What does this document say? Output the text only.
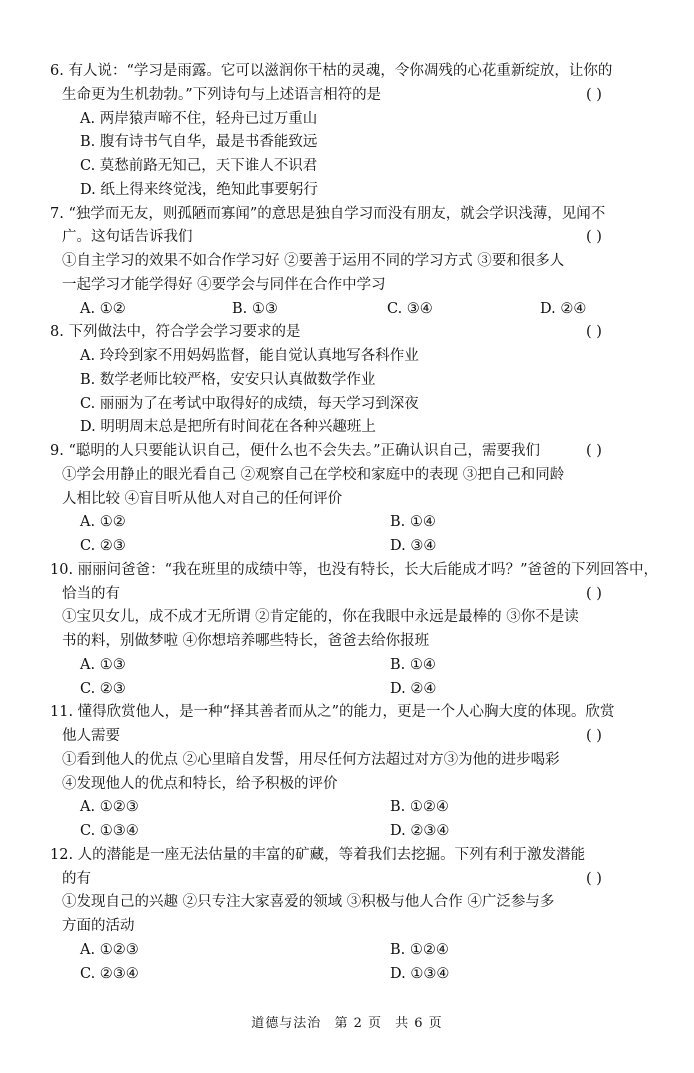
6. 有人说：“学习是雨露。它可以滋润你干枯的灵魂，令你凋残的心花重新绽放，让你的
生命更为生机勃勃。”下列诗句与上述语言相符的是	( )
A. 两岸猿声啼不住，轻舟已过万重山
B. 腹有诗书气自华，最是书香能致远
C. 莫愁前路无知己，天下谁人不识君
D. 纸上得来终觉浅，绝知此事要躬行
7. “独学而无友，则孤陋而寡闻”的意思是独自学习而没有朋友，就会学识浅薄，见闻不
广。这句话告诉我们	( )
①自主学习的效果不如合作学习好 ②要善于运用不同的学习方式 ③要和很多人
一起学习才能学得好 ④要学会与同伴在合作中学习
A. ①②	B. ①③	C. ③④	D. ②④
8. 下列做法中，符合学会学习要求的是	( )
A. 玲玲到家不用妈妈监督，能自觉认真地写各科作业
B. 数学老师比较严格，安安只认真做数学作业
C. 丽丽为了在考试中取得好的成绩，每天学习到深夜
D. 明明周末总是把所有时间花在各种兴趣班上
9. “聪明的人只要能认识自己，便什么也不会失去。”正确认识自己，需要我们	( )
①学会用静止的眼光看自己 ②观察自己在学校和家庭中的表现 ③把自己和同龄
人相比较 ④盲目听从他人对自己的任何评价
A. ①②	B. ①④
C. ②③	D. ③④
10. 丽丽问爸爸：“我在班里的成绩中等，也没有特长，长大后能成才吗？”爸爸的下列回答中，
恰当的有	( )
①宝贝女儿，成不成才无所谓 ②肯定能的，你在我眼中永远是最棒的 ③你不是读
书的料，别做梦啦 ④你想培养哪些特长，爸爸去给你报班
A. ①③	B. ①④
C. ②③	D. ②④
11. 懂得欣赏他人，是一种“择其善者而从之”的能力，更是一个人心胸大度的体现。欣赏
他人需要	( )
①看到他人的优点 ②心里暗自发誓，用尽任何方法超过对方③为他的进步喝彩
④发现他人的优点和特长，给予积极的评价
A. ①②③	B. ①②④
C. ①③④	D. ②③④
12. 人的潜能是一座无法估量的丰富的矿藏，等着我们去挖掘。下列有利于激发潜能
的有	( )
①发现自己的兴趣 ②只专注大家喜爱的领域 ③积极与他人合作 ④广泛参与多
方面的活动
A. ①②③	B. ①②④
C. ②③④	D. ①③④
道德与法治 第 2 页 共 6 页
